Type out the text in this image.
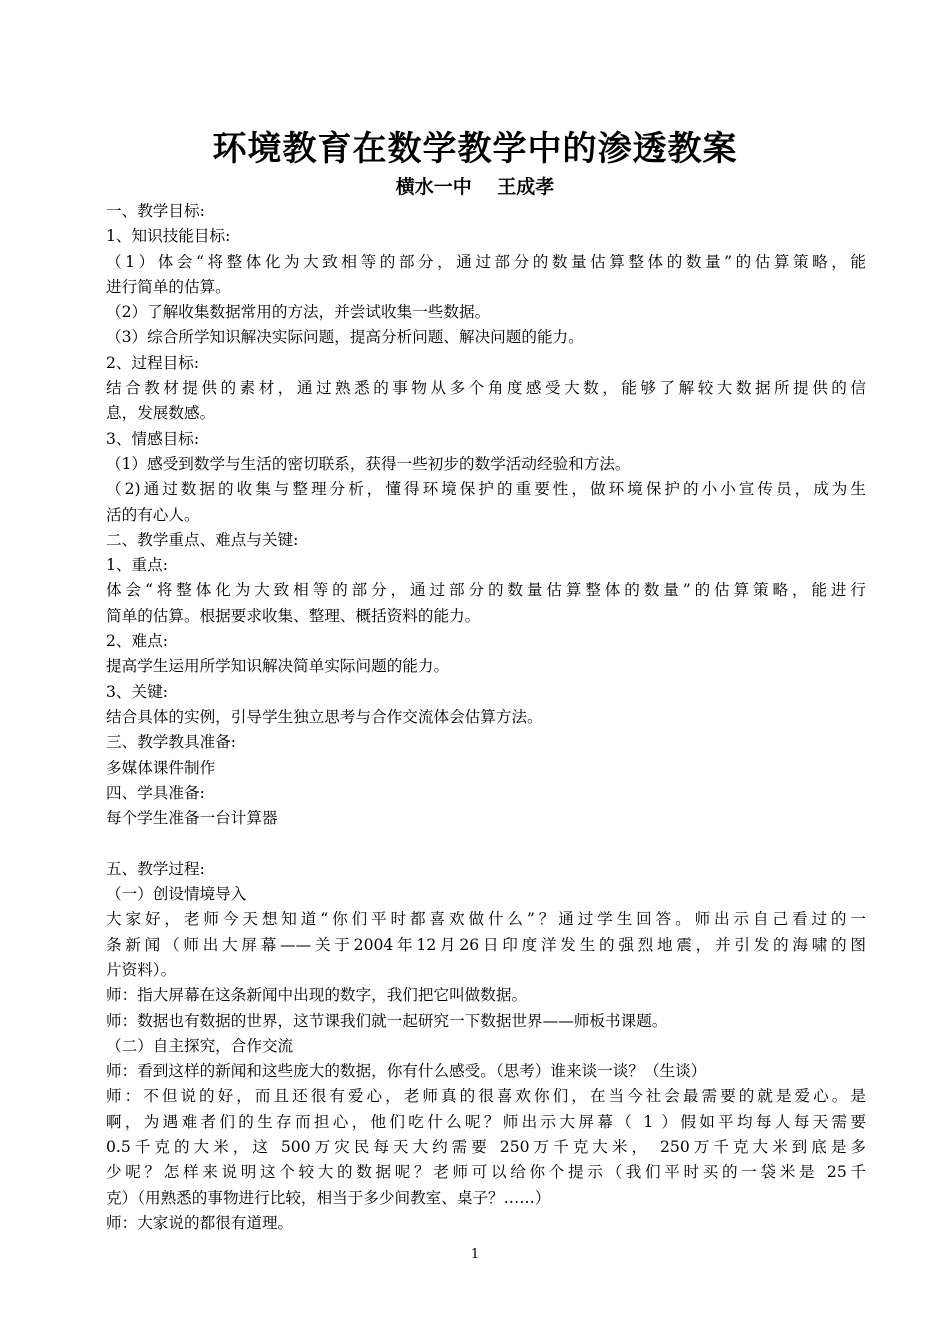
环境教育在数学教学中的渗透教案
横水一中　 王成孝
一、教学目标:
1、知识技能目标:
（1）体会“将整体化为大致相等的部分，通过部分的数量估算整体的数量”的估算策略，能
进行简单的估算。
（2）了解收集数据常用的方法，并尝试收集一些数据。
（3）综合所学知识解决实际问题，提高分析问题、解决问题的能力。
2、过程目标:
结合教材提供的素材，通过熟悉的事物从多个角度感受大数，能够了解较大数据所提供的信
息，发展数感。
3、情感目标:
（1）感受到数学与生活的密切联系，获得一些初步的数学活动经验和方法。
（2)通过数据的收集与整理分析，懂得环境保护的重要性，做环境保护的小小宣传员，成为生
活的有心人。
二、教学重点、难点与关键:
1、重点:
体会“将整体化为大致相等的部分，通过部分的数量估算整体的数量”的估算策略，能进行
简单的估算。根据要求收集、整理、概括资料的能力。
2、难点:
提高学生运用所学知识解决简单实际问题的能力。
3、关键:
结合具体的实例，引导学生独立思考与合作交流体会估算方法。
三、教学教具准备:
多媒体课件制作
四、学具准备:
每个学生准备一台计算器
五、教学过程:
（一）创设情境导入
大家好，老师今天想知道“你们平时都喜欢做什么”？通过学生回答。师出示自己看过的一
条新闻（师出大屏幕——关于2004年12月26日印度洋发生的强烈地震，并引发的海啸的图
片资料）。
师：指大屏幕在这条新闻中出现的数字，我们把它叫做数据。
师：数据也有数据的世界，这节课我们就一起研究一下数据世界——师板书课题。
（二）自主探究，合作交流
师：看到这样的新闻和这些庞大的数据，你有什么感受。（思考）谁来谈一谈？（生谈）
师：不但说的好，而且还很有爱心，老师真的很喜欢你们，在当今社会最需要的就是爱心。是
啊，为遇难者们的生存而担心，他们吃什么呢？师出示大屏幕（ 1 ）假如平均每人每天需要
0.5千克的大米，这 500万灾民每天大约需要 250万千克大米， 250万千克大米到底是多
少呢？怎样来说明这个较大的数据呢？老师可以给你个提示（我们平时买的一袋米是 25千
克）（用熟悉的事物进行比较，相当于多少间教室、桌子？……）
师：大家说的都很有道理。
1
